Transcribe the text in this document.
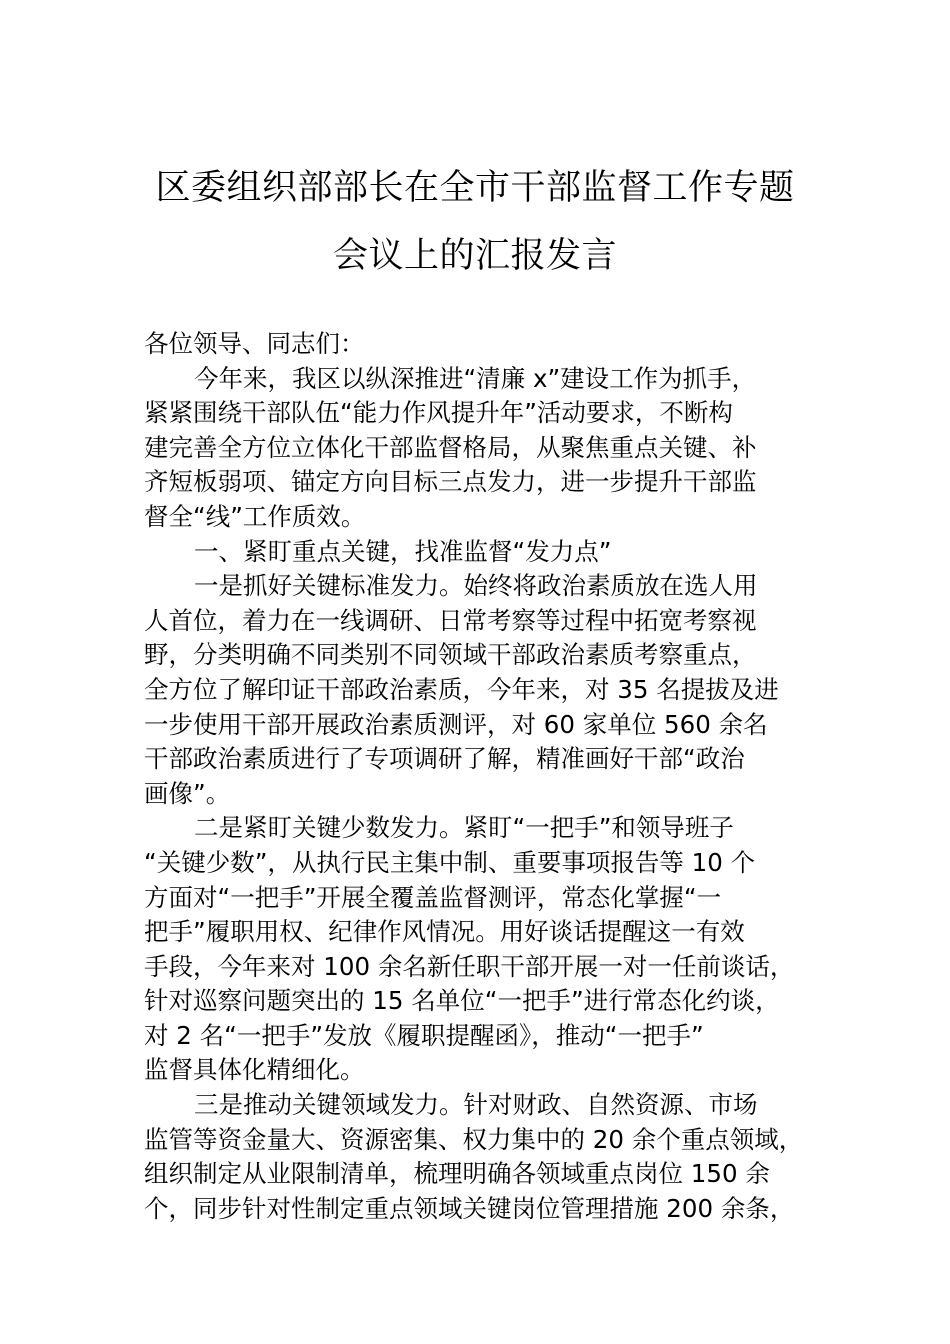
区委组织部部长在全市干部监督工作专题
会议上的汇报发言
各位领导、同志们：
今年来，我区以纵深推进“清廉 x”建设工作为抓手，
紧紧围绕干部队伍“能力作风提升年”活动要求，不断构
建完善全方位立体化干部监督格局，从聚焦重点关键、补
齐短板弱项、锚定方向目标三点发力，进一步提升干部监
督全“线”工作质效。
一、紧盯重点关键，找准监督“发力点”
一是抓好关键标准发力。始终将政治素质放在选人用
人首位，着力在一线调研、日常考察等过程中拓宽考察视
野，分类明确不同类别不同领域干部政治素质考察重点，
全方位了解印证干部政治素质，今年来，对 35 名提拔及进
一步使用干部开展政治素质测评，对 60 家单位 560 余名
干部政治素质进行了专项调研了解，精准画好干部“政治
画像”。
二是紧盯关键少数发力。紧盯“一把手”和领导班子
“关键少数”，从执行民主集中制、重要事项报告等 10 个
方面对“一把手”开展全覆盖监督测评，常态化掌握“一
把手”履职用权、纪律作风情况。用好谈话提醒这一有效
手段，今年来对 100 余名新任职干部开展一对一任前谈话，
针对巡察问题突出的 15 名单位“一把手”进行常态化约谈，
对 2 名“一把手”发放《履职提醒函》，推动“一把手”
监督具体化精细化。
三是推动关键领域发力。针对财政、自然资源、市场
监管等资金量大、资源密集、权力集中的 20 余个重点领域，
组织制定从业限制清单，梳理明确各领域重点岗位 150 余
个，同步针对性制定重点领域关键岗位管理措施 200 余条，
